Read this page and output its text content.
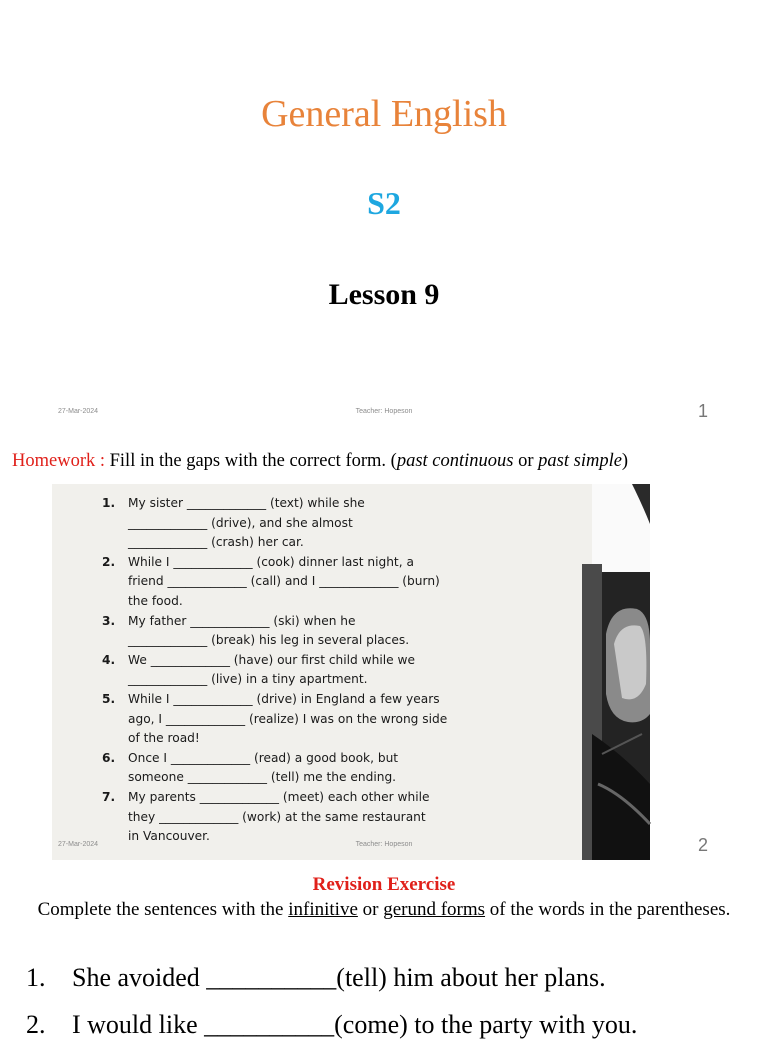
General English
S2
Lesson 9
27-Mar-2024	Teacher: Hopeson	1
Homework : Fill in the gaps with the correct form. (past continuous or past simple)
1. My sister _____________ (text) while she
_____________ (drive), and she almost
_____________ (crash) her car.
2. While I _____________ (cook) dinner last night, a
friend _____________ (call) and I _____________ (burn)
the food.
3. My father _____________ (ski) when he
_____________ (break) his leg in several places.
4. We _____________ (have) our first child while we
_____________ (live) in a tiny apartment.
5. While I _____________ (drive) in England a few years
ago, I _____________ (realize) I was on the wrong side
of the road!
6. Once I _____________ (read) a good book, but
someone _____________ (tell) me the ending.
7. My parents _____________ (meet) each other while
they _____________ (work) at the same restaurant
in Vancouver.
27-Mar-2024	Teacher: Hopeson	2
Revision Exercise
Complete the sentences with the infinitive or gerund forms of the words in the parentheses.
1. She avoided __________(tell) him about her plans.
2. I would like __________(come) to the party with you.
